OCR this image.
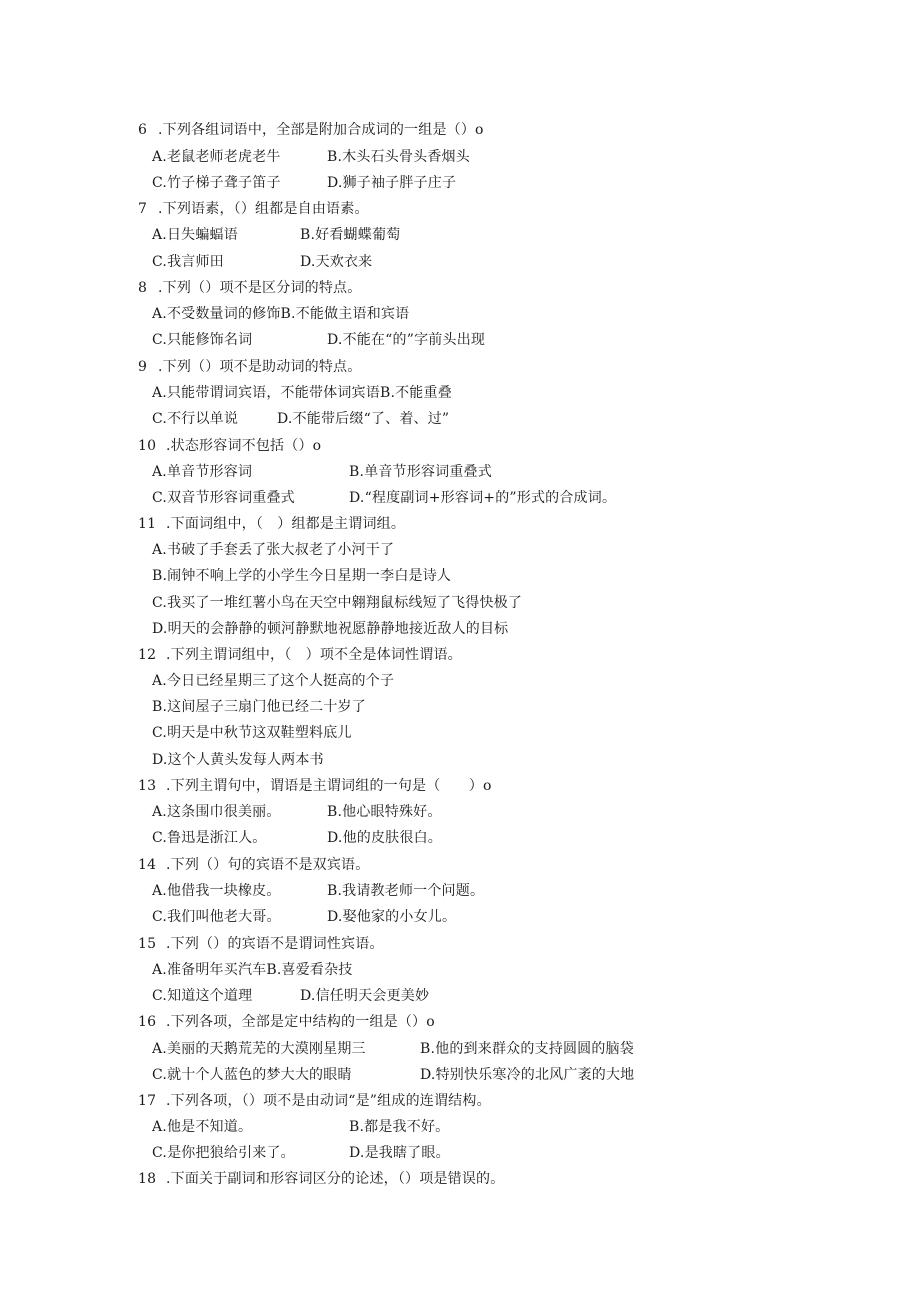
6 .下列各组词语中，全部是附加合成词的一组是（）o
A.老鼠老师老虎老牛	B.木头石头骨头香烟头
C.竹子梯子聋子笛子	D.狮子袖子胖子庄子
7 .下列语素，（）组都是自由语素。
A.日失蝙蝠语	B.好看蝴蝶葡萄
C.我言师田	D.天欢衣来
8 .下列（）项不是区分词的特点。
A.不受数量词的修饰B.不能做主语和宾语
C.只能修饰名词	D.不能在“的”字前头出现
9 .下列（）项不是助动词的特点。
A.只能带谓词宾语，不能带体词宾语B.不能重叠
C.不行以单说	D.不能带后缀“了、着、过”
10 .状态形容词不包括（）o
A.单音节形容词	B.单音节形容词重叠式
C.双音节形容词重叠式	D.“程度副词+形容词+的”形式的合成词。
11 .下面词组中，（　）组都是主谓词组。
A.书破了手套丢了张大叔老了小河干了
B.闹钟不响上学的小学生今日星期一李白是诗人
C.我买了一堆红薯小鸟在天空中翱翔鼠标线短了飞得快极了
D.明天的会静静的顿河静默地祝愿静静地接近敌人的目标
12 .下列主谓词组中，（　）项不全是体词性谓语。
A.今日已经星期三了这个人挺高的个子
B.这间屋子三扇门他已经二十岁了
C.明天是中秋节这双鞋塑料底儿
D.这个人黄头发每人两本书
13 .下列主谓句中，谓语是主谓词组的一句是（　　）o
A.这条围巾很美丽。	B.他心眼特殊好。
C.鲁迅是浙江人。	D.他的皮肤很白。
14 .下列（）句的宾语不是双宾语。
A.他借我一块橡皮。	B.我请教老师一个问题。
C.我们叫他老大哥。	D.娶他家的小女儿。
15 .下列（）的宾语不是谓词性宾语。
A.准备明年买汽车B.喜爱看杂技
C.知道这个道理	D.信任明天会更美妙
16 .下列各项，全部是定中结构的一组是（）o
A.美丽的天鹅荒芜的大漠刚星期三	B.他的到来群众的支持圆圆的脑袋
C.就十个人蓝色的梦大大的眼睛	D.特别快乐寒冷的北风广袤的大地
17 .下列各项，（）项不是由动词“是”组成的连谓结构。
A.他是不知道。	B.都是我不好。
C.是你把狼给引来了。	D.是我瞎了眼。
18 .下面关于副词和形容词区分的论述，（）项是错误的。
